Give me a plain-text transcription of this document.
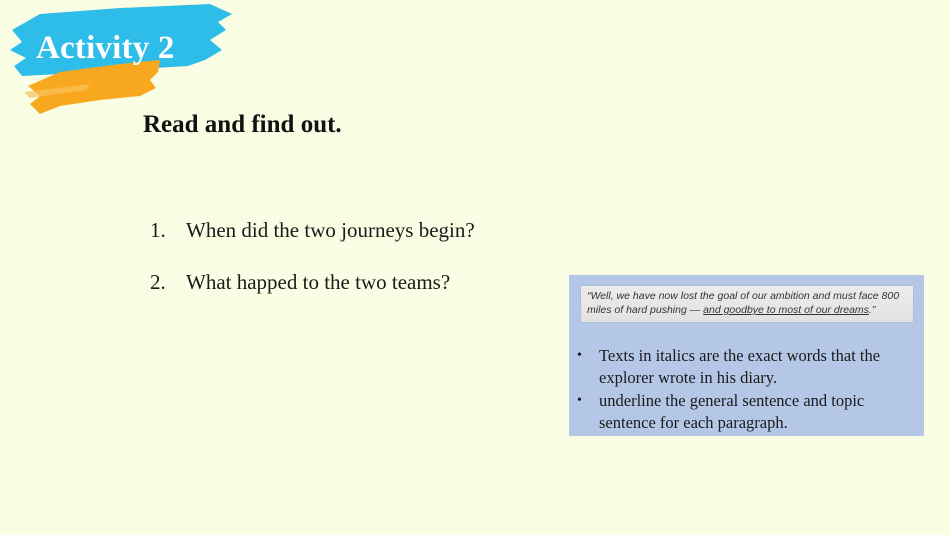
Activity 2
Read and find out.
1. When did the two journeys begin?
2. What happed to the two teams?
“Well, we have now lost the goal of our ambition and must face 800
miles of hard pushing — and goodbye to most of our dreams.”
•	Texts in italics are the exact words that the explorer wrote in his diary.
•	underline the general sentence and topic sentence for each paragraph.
